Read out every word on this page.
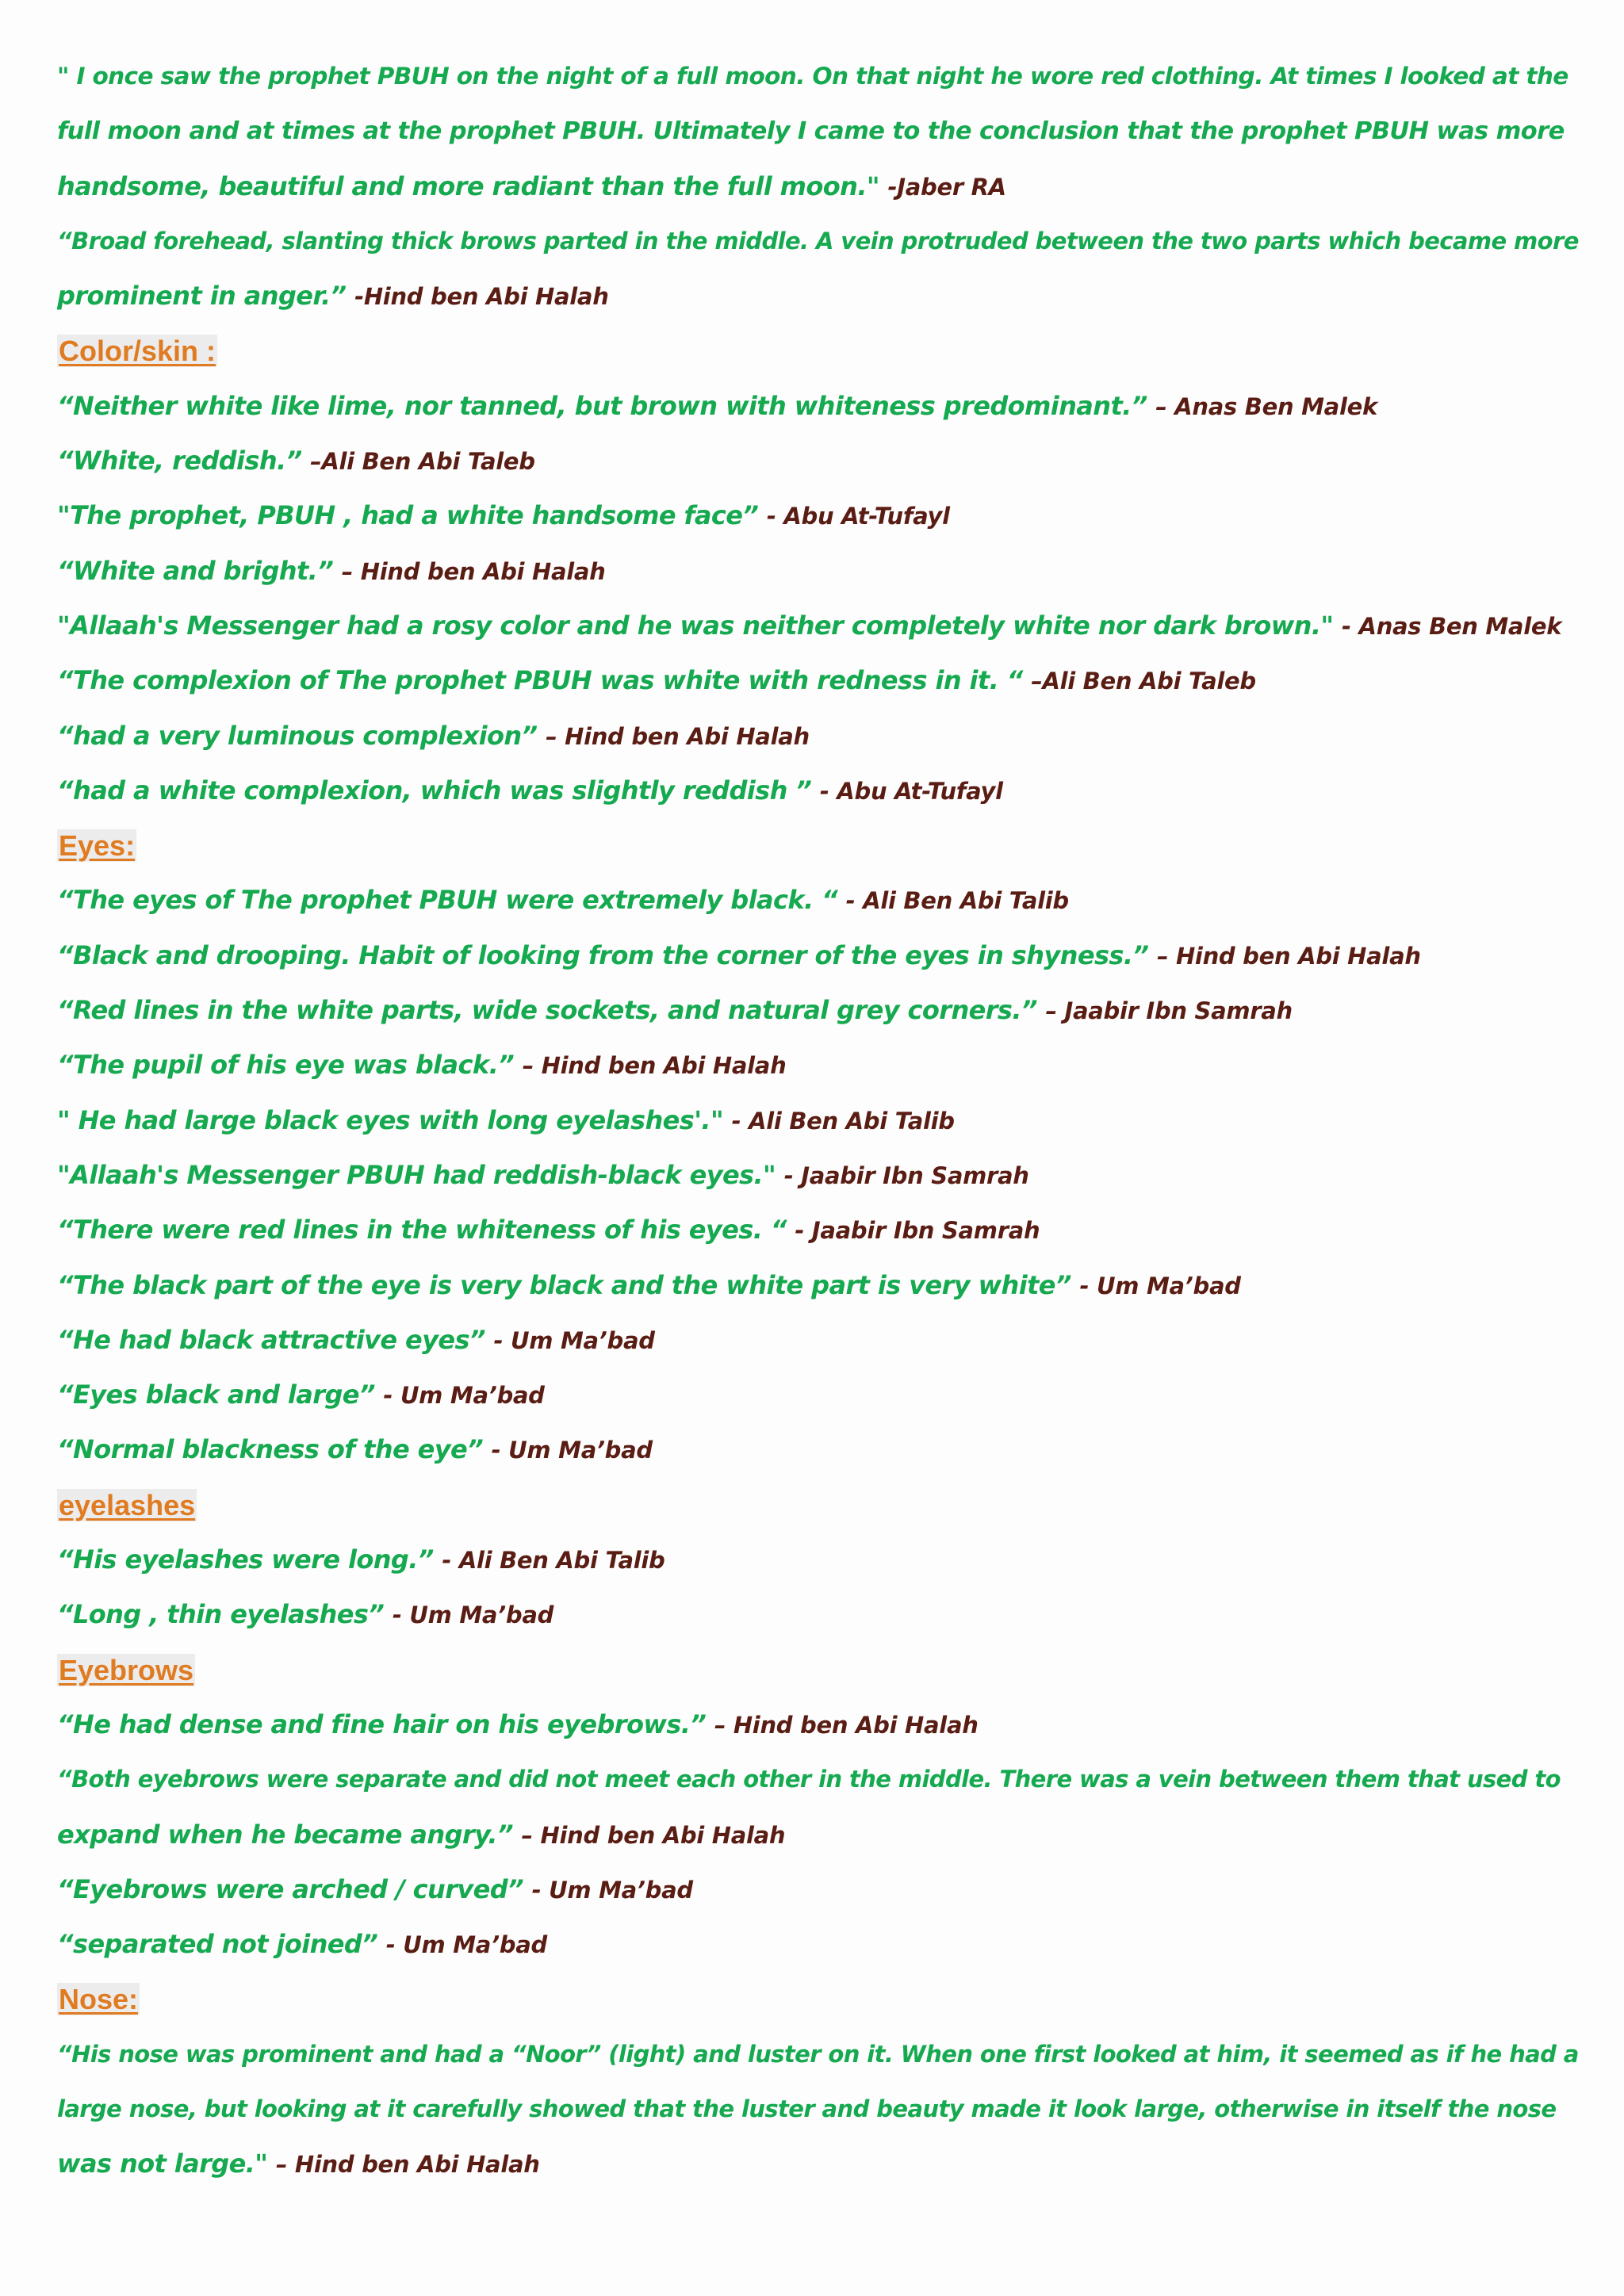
" I once saw the prophet PBUH on the night of a full moon. On that night he wore red clothing. At times I looked at the
full moon and at times at the prophet PBUH. Ultimately I came to the conclusion that the prophet PBUH was more
handsome, beautiful and more radiant than the full moon." -Jaber RA
“Broad forehead, slanting thick brows parted in the middle. A vein protruded between the two parts which became more
prominent in anger.” -Hind ben Abi Halah
Color/skin :
“Neither white like lime, nor tanned, but brown with whiteness predominant.” – Anas Ben Malek
“White, reddish.” –Ali Ben Abi Taleb
"The prophet, PBUH , had a white handsome face” - Abu At-Tufayl
“White and bright.” – Hind ben Abi Halah
"Allaah's Messenger had a rosy color and he was neither completely white nor dark brown." - Anas Ben Malek
“The complexion of The prophet PBUH was white with redness in it. “ –Ali Ben Abi Taleb
“had a very luminous complexion” – Hind ben Abi Halah
“had a white complexion, which was slightly reddish ” - Abu At-Tufayl
Eyes:
“The eyes of The prophet PBUH were extremely black. “ - Ali Ben Abi Talib
“Black and drooping. Habit of looking from the corner of the eyes in shyness.” – Hind ben Abi Halah
“Red lines in the white parts, wide sockets, and natural grey corners.” – Jaabir Ibn Samrah
“The pupil of his eye was black.” – Hind ben Abi Halah
" He had large black eyes with long eyelashes'." - Ali Ben Abi Talib
"Allaah's Messenger PBUH had reddish-black eyes." - Jaabir Ibn Samrah
“There were red lines in the whiteness of his eyes. “ - Jaabir Ibn Samrah
“The black part of the eye is very black and the white part is very white” - Um Ma’bad
“He had black attractive eyes” - Um Ma’bad
“Eyes black and large” - Um Ma’bad
“Normal blackness of the eye” - Um Ma’bad
eyelashes
“His eyelashes were long.” - Ali Ben Abi Talib
“Long , thin eyelashes” - Um Ma’bad
Eyebrows
“He had dense and fine hair on his eyebrows.” – Hind ben Abi Halah
“Both eyebrows were separate and did not meet each other in the middle. There was a vein between them that used to
expand when he became angry.” – Hind ben Abi Halah
“Eyebrows were arched / curved” - Um Ma’bad
“separated not joined” - Um Ma’bad
Nose:
“His nose was prominent and had a “Noor” (light) and luster on it. When one first looked at him, it seemed as if he had a
large nose, but looking at it carefully showed that the luster and beauty made it look large, otherwise in itself the nose
was not large." – Hind ben Abi Halah
